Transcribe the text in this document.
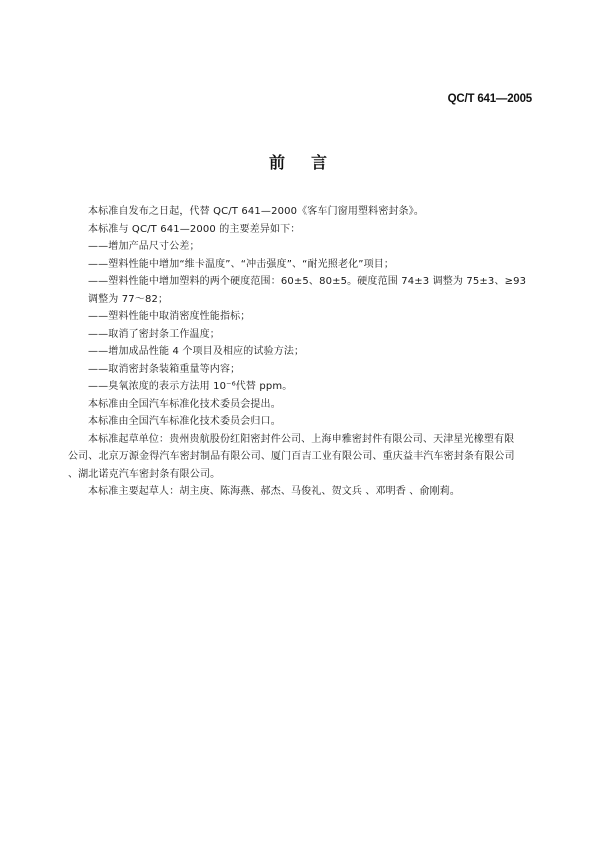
QC/T 641—2005
前 言
本标准自发布之日起，代替 QC/T 641—2000《客车门窗用塑料密封条》。
本标准与 QC/T 641—2000 的主要差异如下：
——增加产品尺寸公差；
——塑料性能中增加“维卡温度”、“冲击强度”、“耐光照老化”项目；
——塑料性能中增加塑料的两个硬度范围：60±5、80±5。硬度范围 74±3 调整为 75±3、≥93
调整为 77～82；
——塑料性能中取消密度性能指标；
——取消了密封条工作温度；
——增加成品性能 4 个项目及相应的试验方法；
——取消密封条装箱重量等内容；
——臭氧浓度的表示方法用 10⁻⁶代替 ppm。
本标准由全国汽车标准化技术委员会提出。
本标准由全国汽车标准化技术委员会归口。
本标准起草单位：贵州贵航股份红阳密封件公司、上海申雅密封件有限公司、天津星光橡塑有限
公司、北京万源金得汽车密封制品有限公司、厦门百吉工业有限公司、重庆益丰汽车密封条有限公司
、湖北诺克汽车密封条有限公司。
本标准主要起草人：胡主庚、陈海燕、郝杰、马俊礼、贺文兵 、邓明香 、俞刚莉。
